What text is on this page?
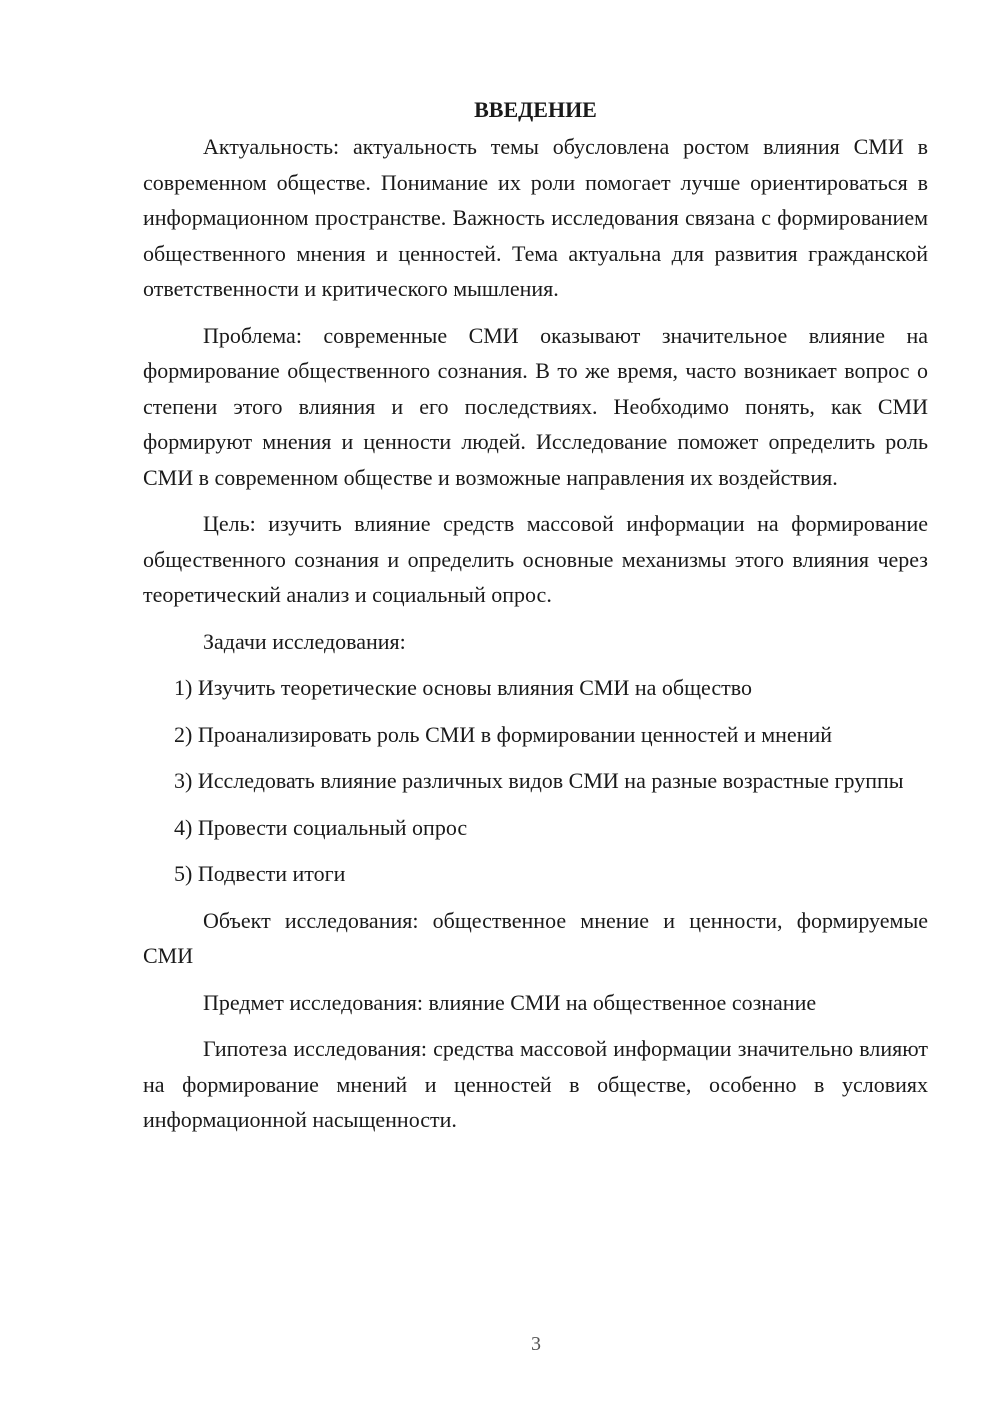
ВВЕДЕНИЕ

Актуальность: актуальность темы обусловлена ростом влияния СМИ в современном обществе. Понимание их роли помогает лучше ориентироваться в информационном пространстве. Важность исследования связана с формированием общественного мнения и ценностей. Тема актуальна для развития гражданской ответственности и критического мышления.

Проблема: современные СМИ оказывают значительное влияние на формирование общественного сознания. В то же время, часто возникает вопрос о степени этого влияния и его последствиях. Необходимо понять, как СМИ формируют мнения и ценности людей. Исследование поможет определить роль СМИ в современном обществе и возможные направления их воздействия.

Цель: изучить влияние средств массовой информации на формирование общественного сознания и определить основные механизмы этого влияния через теоретический анализ и социальный опрос.

Задачи исследования:

1) Изучить теоретические основы влияния СМИ на общество

2) Проанализировать роль СМИ в формировании ценностей и мнений

3) Исследовать влияние различных видов СМИ на разные возрастные группы

4) Провести социальный опрос

5) Подвести итоги

Объект исследования: общественное мнение и ценности, формируемые СМИ

Предмет исследования: влияние СМИ на общественное сознание

Гипотеза исследования: средства массовой информации значительно влияют на формирование мнений и ценностей в обществе, особенно в условиях информационной насыщенности.

3
